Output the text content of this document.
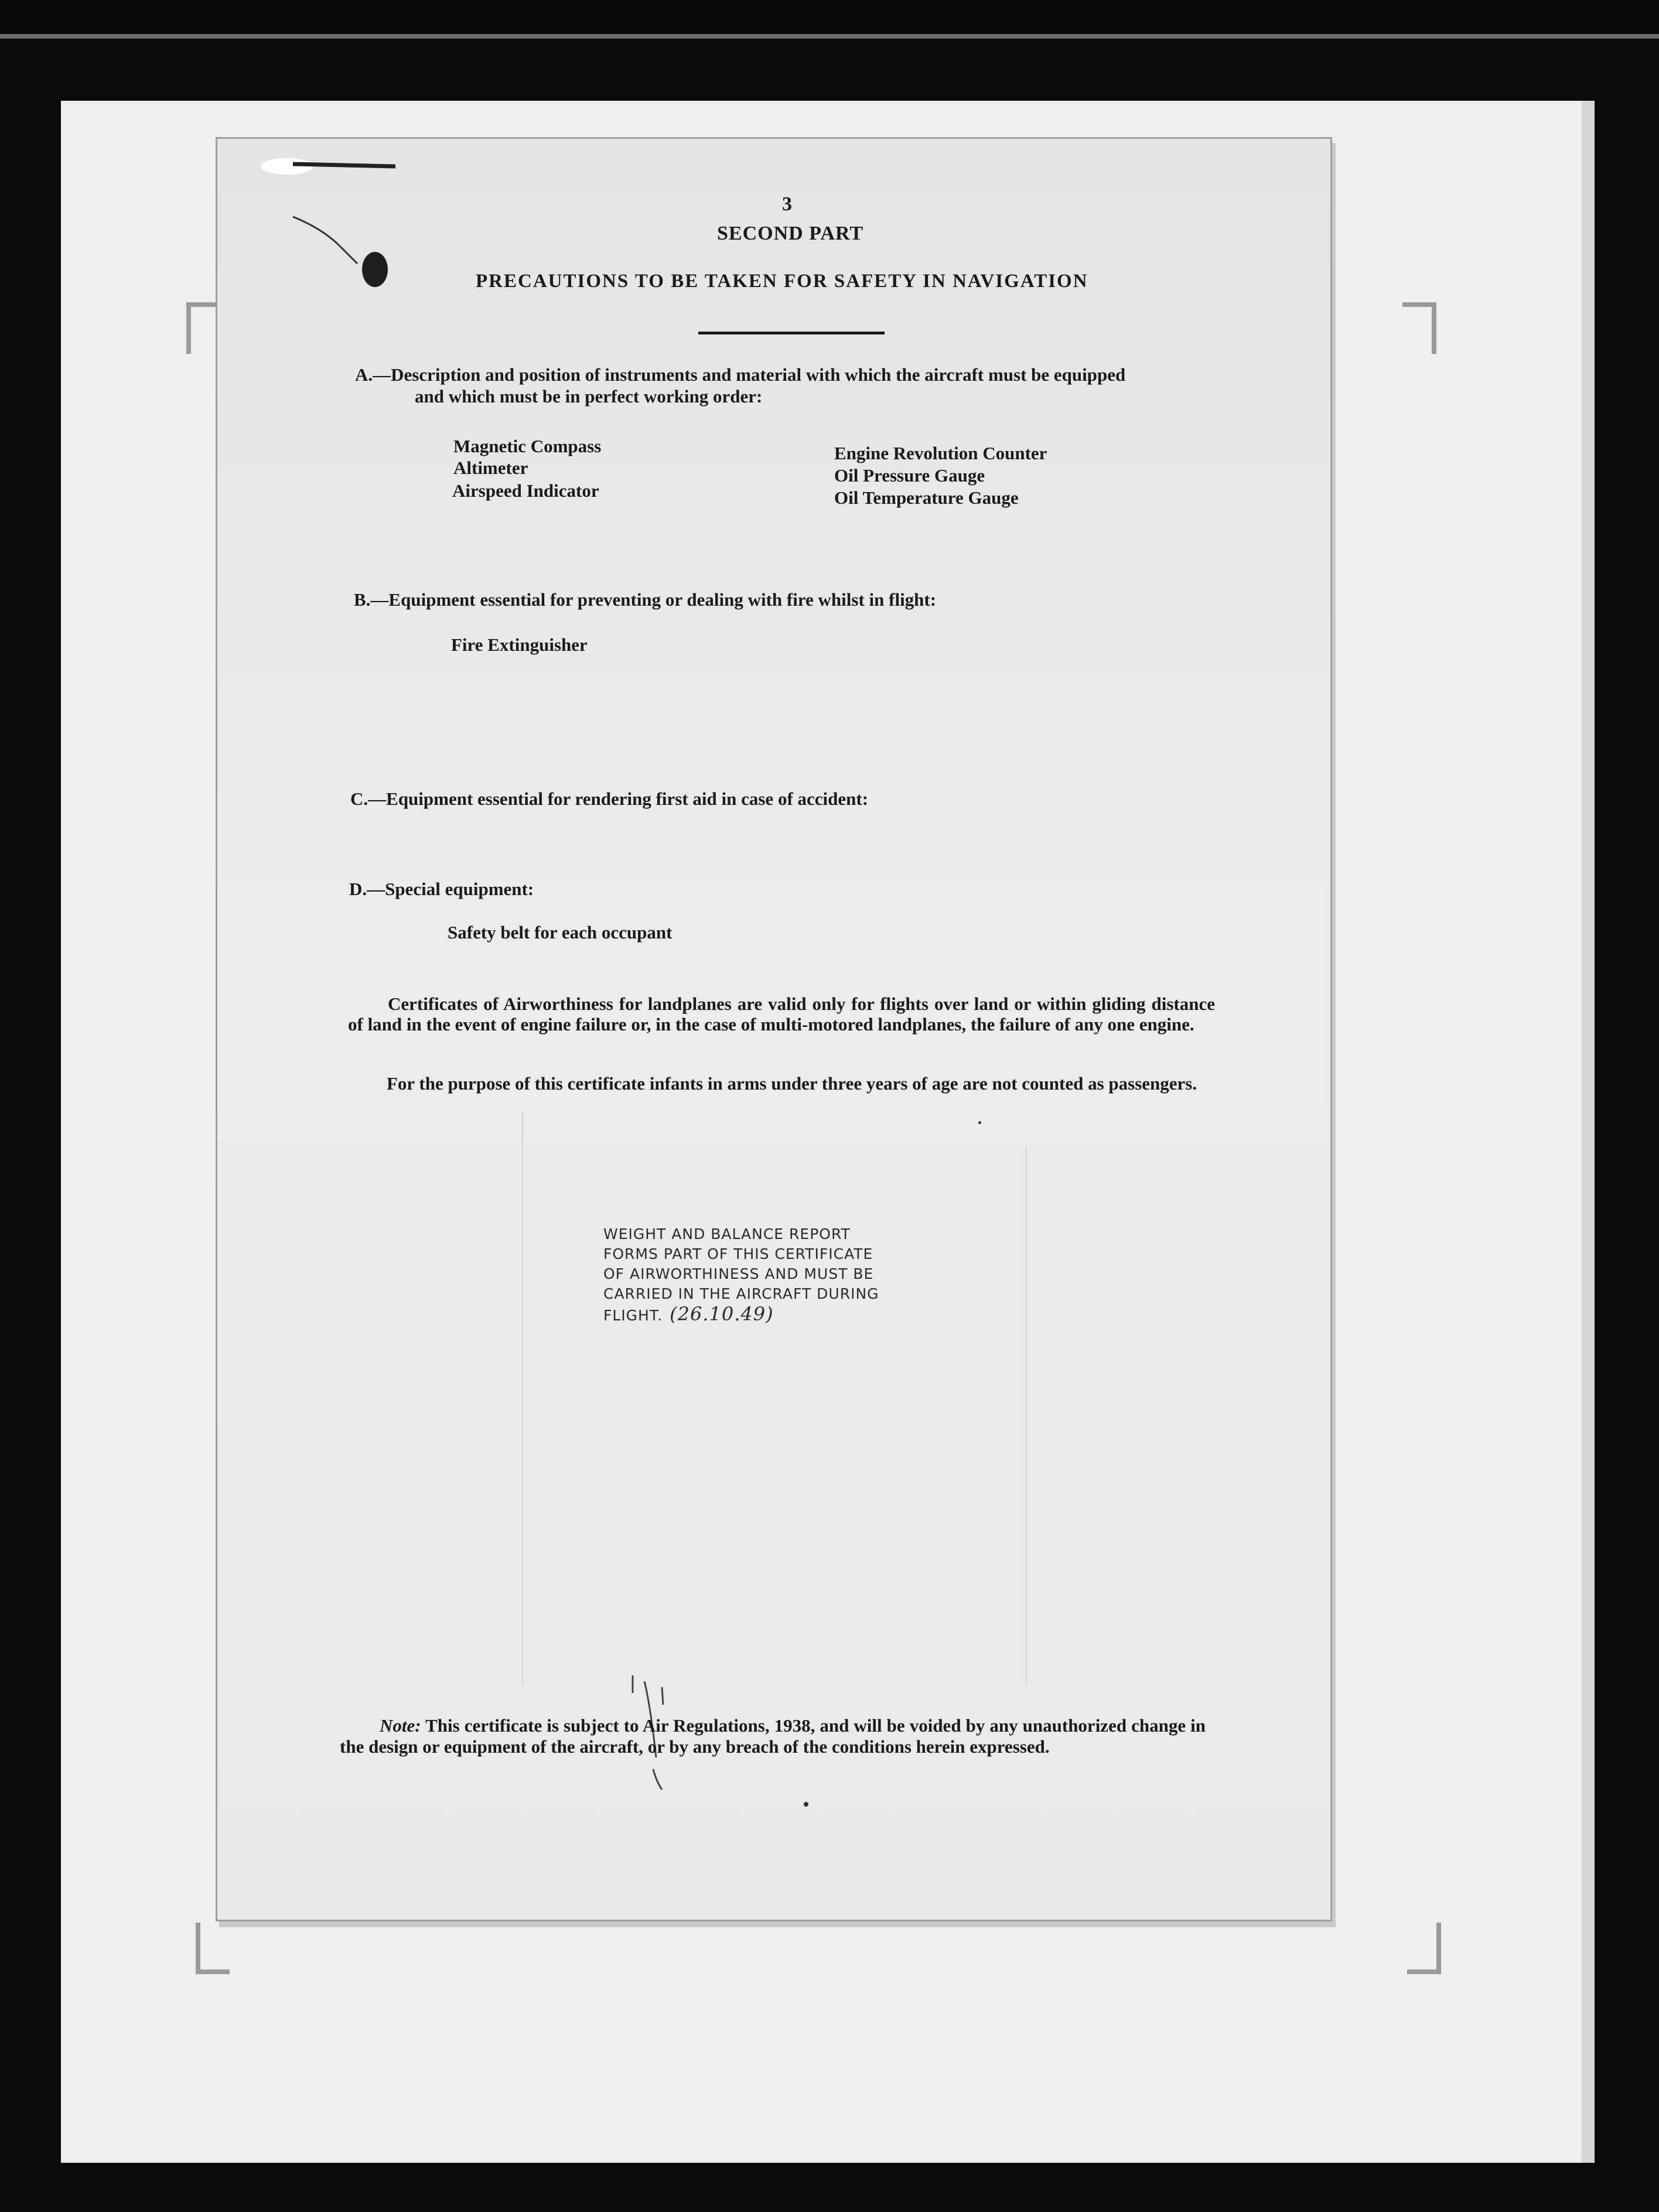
3
SECOND PART
PRECAUTIONS TO BE TAKEN FOR SAFETY IN NAVIGATION
A.—Description and position of instruments and material with which the aircraft must be equipped
and which must be in perfect working order:
Magnetic Compass
Altimeter
Airspeed Indicator
Engine Revolution Counter
Oil Pressure Gauge
Oil Temperature Gauge
B.—Equipment essential for preventing or dealing with fire whilst in flight:
Fire Extinguisher
C.—Equipment essential for rendering first aid in case of accident:
D.—Special equipment:
Safety belt for each occupant

Certificates of Airworthiness for landplanes are valid only for flights over land or within gliding distance of land in the event of engine failure or, in the case of multi-motored landplanes, the failure of any one engine.

For the purpose of this certificate infants in arms under three years of age are not counted as passengers.

WEIGHT AND BALANCE REPORT
FORMS PART OF THIS CERTIFICATE
OF AIRWORTHINESS AND MUST BE
CARRIED IN THE AIRCRAFT DURING
FLIGHT. (26.10.49)

Note: This certificate is subject to Air Regulations, 1938, and will be voided by any unauthorized change in the design or equipment of the aircraft, or by any breach of the conditions herein expressed.
